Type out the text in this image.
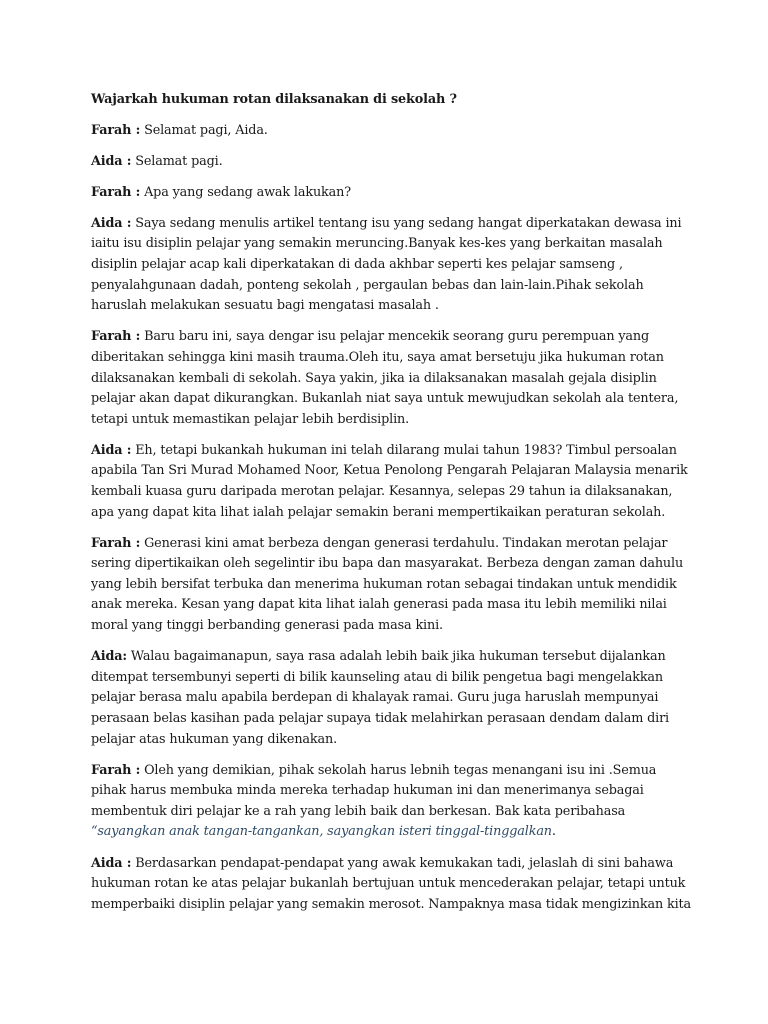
Wajarkah hukuman rotan dilaksanakan di sekolah ?

Farah : Selamat pagi, Aida.

Aida : Selamat pagi.

Farah : Apa yang sedang awak lakukan?

Aida : Saya sedang menulis artikel tentang isu yang sedang hangat diperkatakan dewasa ini iaitu isu disiplin pelajar yang semakin meruncing.Banyak kes-kes yang berkaitan masalah disiplin pelajar acap kali diperkatakan di dada akhbar seperti kes pelajar samseng , penyalahgunaan dadah, ponteng sekolah , pergaulan bebas dan lain-lain.Pihak sekolah haruslah melakukan sesuatu bagi mengatasi masalah .

Farah : Baru baru ini, saya dengar isu pelajar mencekik seorang guru perempuan yang diberitakan sehingga kini masih trauma.Oleh itu, saya amat bersetuju jika hukuman rotan dilaksanakan kembali di sekolah. Saya yakin, jika ia dilaksanakan masalah gejala disiplin pelajar akan dapat dikurangkan. Bukanlah niat saya untuk mewujudkan sekolah ala tentera, tetapi untuk memastikan pelajar lebih berdisiplin.

Aida : Eh, tetapi bukankah hukuman ini telah dilarang mulai tahun 1983? Timbul persoalan apabila Tan Sri Murad Mohamed Noor, Ketua Penolong Pengarah Pelajaran Malaysia menarik kembali kuasa guru daripada merotan pelajar. Kesannya, selepas 29 tahun ia dilaksanakan, apa yang dapat kita lihat ialah pelajar semakin berani mempertikaikan peraturan sekolah.

Farah : Generasi kini amat berbeza dengan generasi terdahulu. Tindakan merotan pelajar sering dipertikaikan oleh segelintir ibu bapa dan masyarakat. Berbeza dengan zaman dahulu yang lebih bersifat terbuka dan menerima hukuman rotan sebagai tindakan untuk mendidik anak mereka. Kesan yang dapat kita lihat ialah generasi pada masa itu lebih memiliki nilai moral yang tinggi berbanding generasi pada masa kini.

Aida: Walau bagaimanapun, saya rasa adalah lebih baik jika hukuman tersebut dijalankan ditempat tersembunyi seperti di bilik kaunseling atau di bilik pengetua bagi mengelakkan pelajar berasa malu apabila berdepan di khalayak ramai. Guru juga haruslah mempunyai perasaan belas kasihan pada pelajar supaya tidak melahirkan perasaan dendam dalam diri pelajar atas hukuman yang dikenakan.

Farah : Oleh yang demikian, pihak sekolah harus lebnih tegas menangani isu ini .Semua pihak harus membuka minda mereka terhadap hukuman ini dan menerimanya sebagai membentuk diri pelajar ke a rah yang lebih baik dan berkesan. Bak kata peribahasa “sayangkan anak tangan-tangankan, sayangkan isteri tinggal-tinggalkan.

Aida : Berdasarkan pendapat-pendapat yang awak kemukakan tadi, jelaslah di sini bahawa hukuman rotan ke atas pelajar bukanlah bertujuan untuk mencederakan pelajar, tetapi untuk memperbaiki disiplin pelajar yang semakin merosot. Nampaknya masa tidak mengizinkan kita
